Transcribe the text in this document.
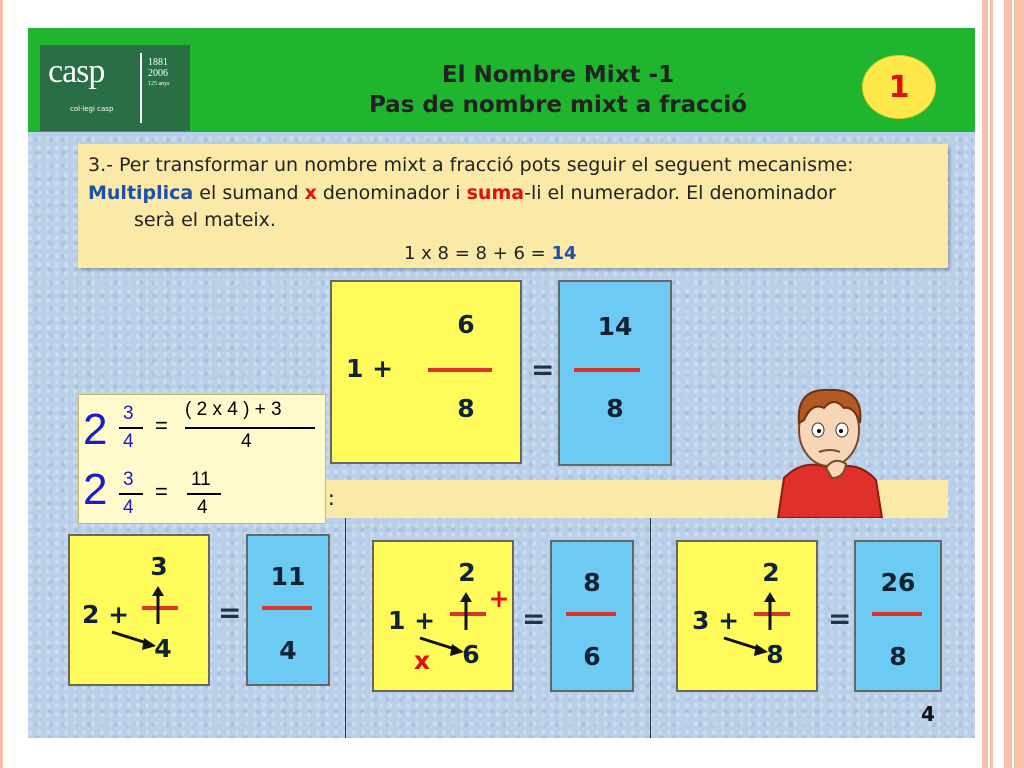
casp
col·legi casp
1881
2006
125 anys	El Nombre Mixt -1
Pas de nombre mixt a fracció
1

3.- Per transformar un nombre mixt a fracció pots seguir el seguent mecanisme:

Multiplica el sumand x denominador i suma-li el numerador. El denominador

serà el mateix.

1 x 8 = 8 + 6 = 14

1 +
6
8
=
14
8
:
2 3
4
=
( 2 x 4 ) + 3
4
2 3
4
= 11
4
3
2 +
4
=
11
4
2
+
1 +
x	6
=
8
6
2
3 +
8
=
26
8
4
